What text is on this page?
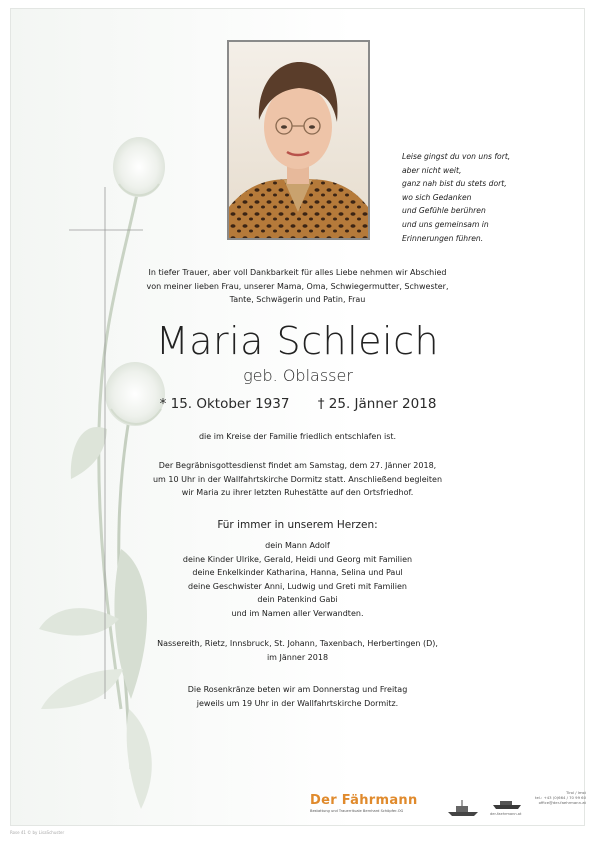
Leise gingst du von uns fort,
aber nicht weit,
ganz nah bist du stets dort,
wo sich Gedanken
und Gefühle berühren
und uns gemeinsam in
Erinnerungen führen.
In tiefer Trauer, aber voll Dankbarkeit für alles Liebe nehmen wir Abschied
von meiner lieben Frau, unserer Mama, Oma, Schwiegermutter, Schwester,
Tante, Schwägerin und Patin, Frau
Maria Schleich
geb. Oblasser
* 15. Oktober 1937 † 25. Jänner 2018
die im Kreise der Familie friedlich entschlafen ist.
Der Begräbnisgottesdienst findet am Samstag, dem 27. Jänner 2018,
um 10 Uhr in der Wallfahrtskirche Dormitz statt. Anschließend begleiten
wir Maria zu ihrer letzten Ruhestätte auf den Ortsfriedhof.
Für immer in unserem Herzen:
dein Mann Adolf
deine Kinder Ulrike, Gerald, Heidi und Georg mit Familien
deine Enkelkinder Katharina, Hanna, Selina und Paul
deine Geschwister Anni, Ludwig und Greti mit Familien
dein Patenkind Gabi
und im Namen aller Verwandten.
Nassereith, Rietz, Innsbruck, St. Johann, Taxenbach, Herbertingen (D),
im Jänner 2018
Die Rosenkränze beten wir am Donnerstag und Freitag
jeweils um 19 Uhr in der Wallfahrtskirche Dormitz.
Der Fährmann
Bestattung und Trauerrituale Bernhard Schöpfer-OG
Tirol / Imst
tel.: +43 (0)664 / 70 99 60
office@der-faehrmann.at
der-faehrmann.at
Rose 41 © by LisaSchuster
